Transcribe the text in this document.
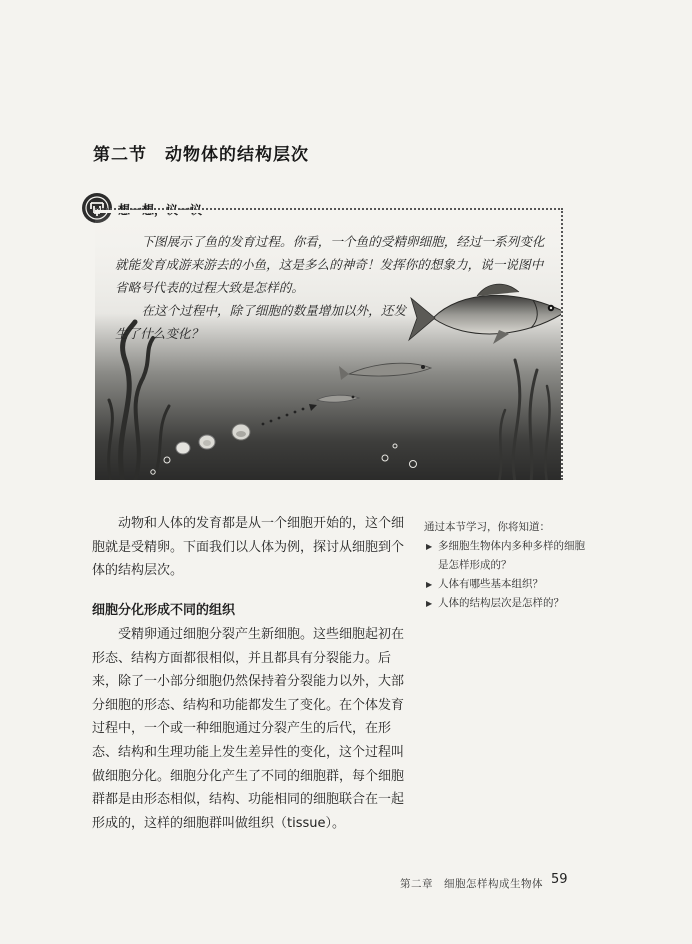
第二节　动物体的结构层次

下图展示了鱼的发育过程。你看，一个鱼的受精卵细胞，经过一系列变化就能发育成游来游去的小鱼，这是多么的神奇！发挥你的想象力，说一说图中省略号代表的过程大致是怎样的。

在这个过程中，除了细胞的数量增加以外，还发生了什么变化？

动物和人体的发育都是从一个细胞开始的，这个细胞就是受精卵。下面我们以人体为例，探讨从细胞到个体的结构层次。

通过本节学习，你将知道：
▶ 多细胞生物体内多种多样的细胞是怎样形成的？
▶ 人体有哪些基本组织？
▶ 人体的结构层次是怎样的？
细胞分化形成不同的组织

受精卵通过细胞分裂产生新细胞。这些细胞起初在形态、结构方面都很相似，并且都具有分裂能力。后来，除了一小部分细胞仍然保持着分裂能力以外，大部分细胞的形态、结构和功能都发生了变化。在个体发育过程中，一个或一种细胞通过分裂产生的后代，在形态、结构和生理功能上发生差异性的变化，这个过程叫做细胞分化。细胞分化产生了不同的细胞群，每个细胞群都是由形态相似，结构、功能相同的细胞联合在一起形成的，这样的细胞群叫做组织（tissue）。

第二章　细胞怎样构成生物体 59
